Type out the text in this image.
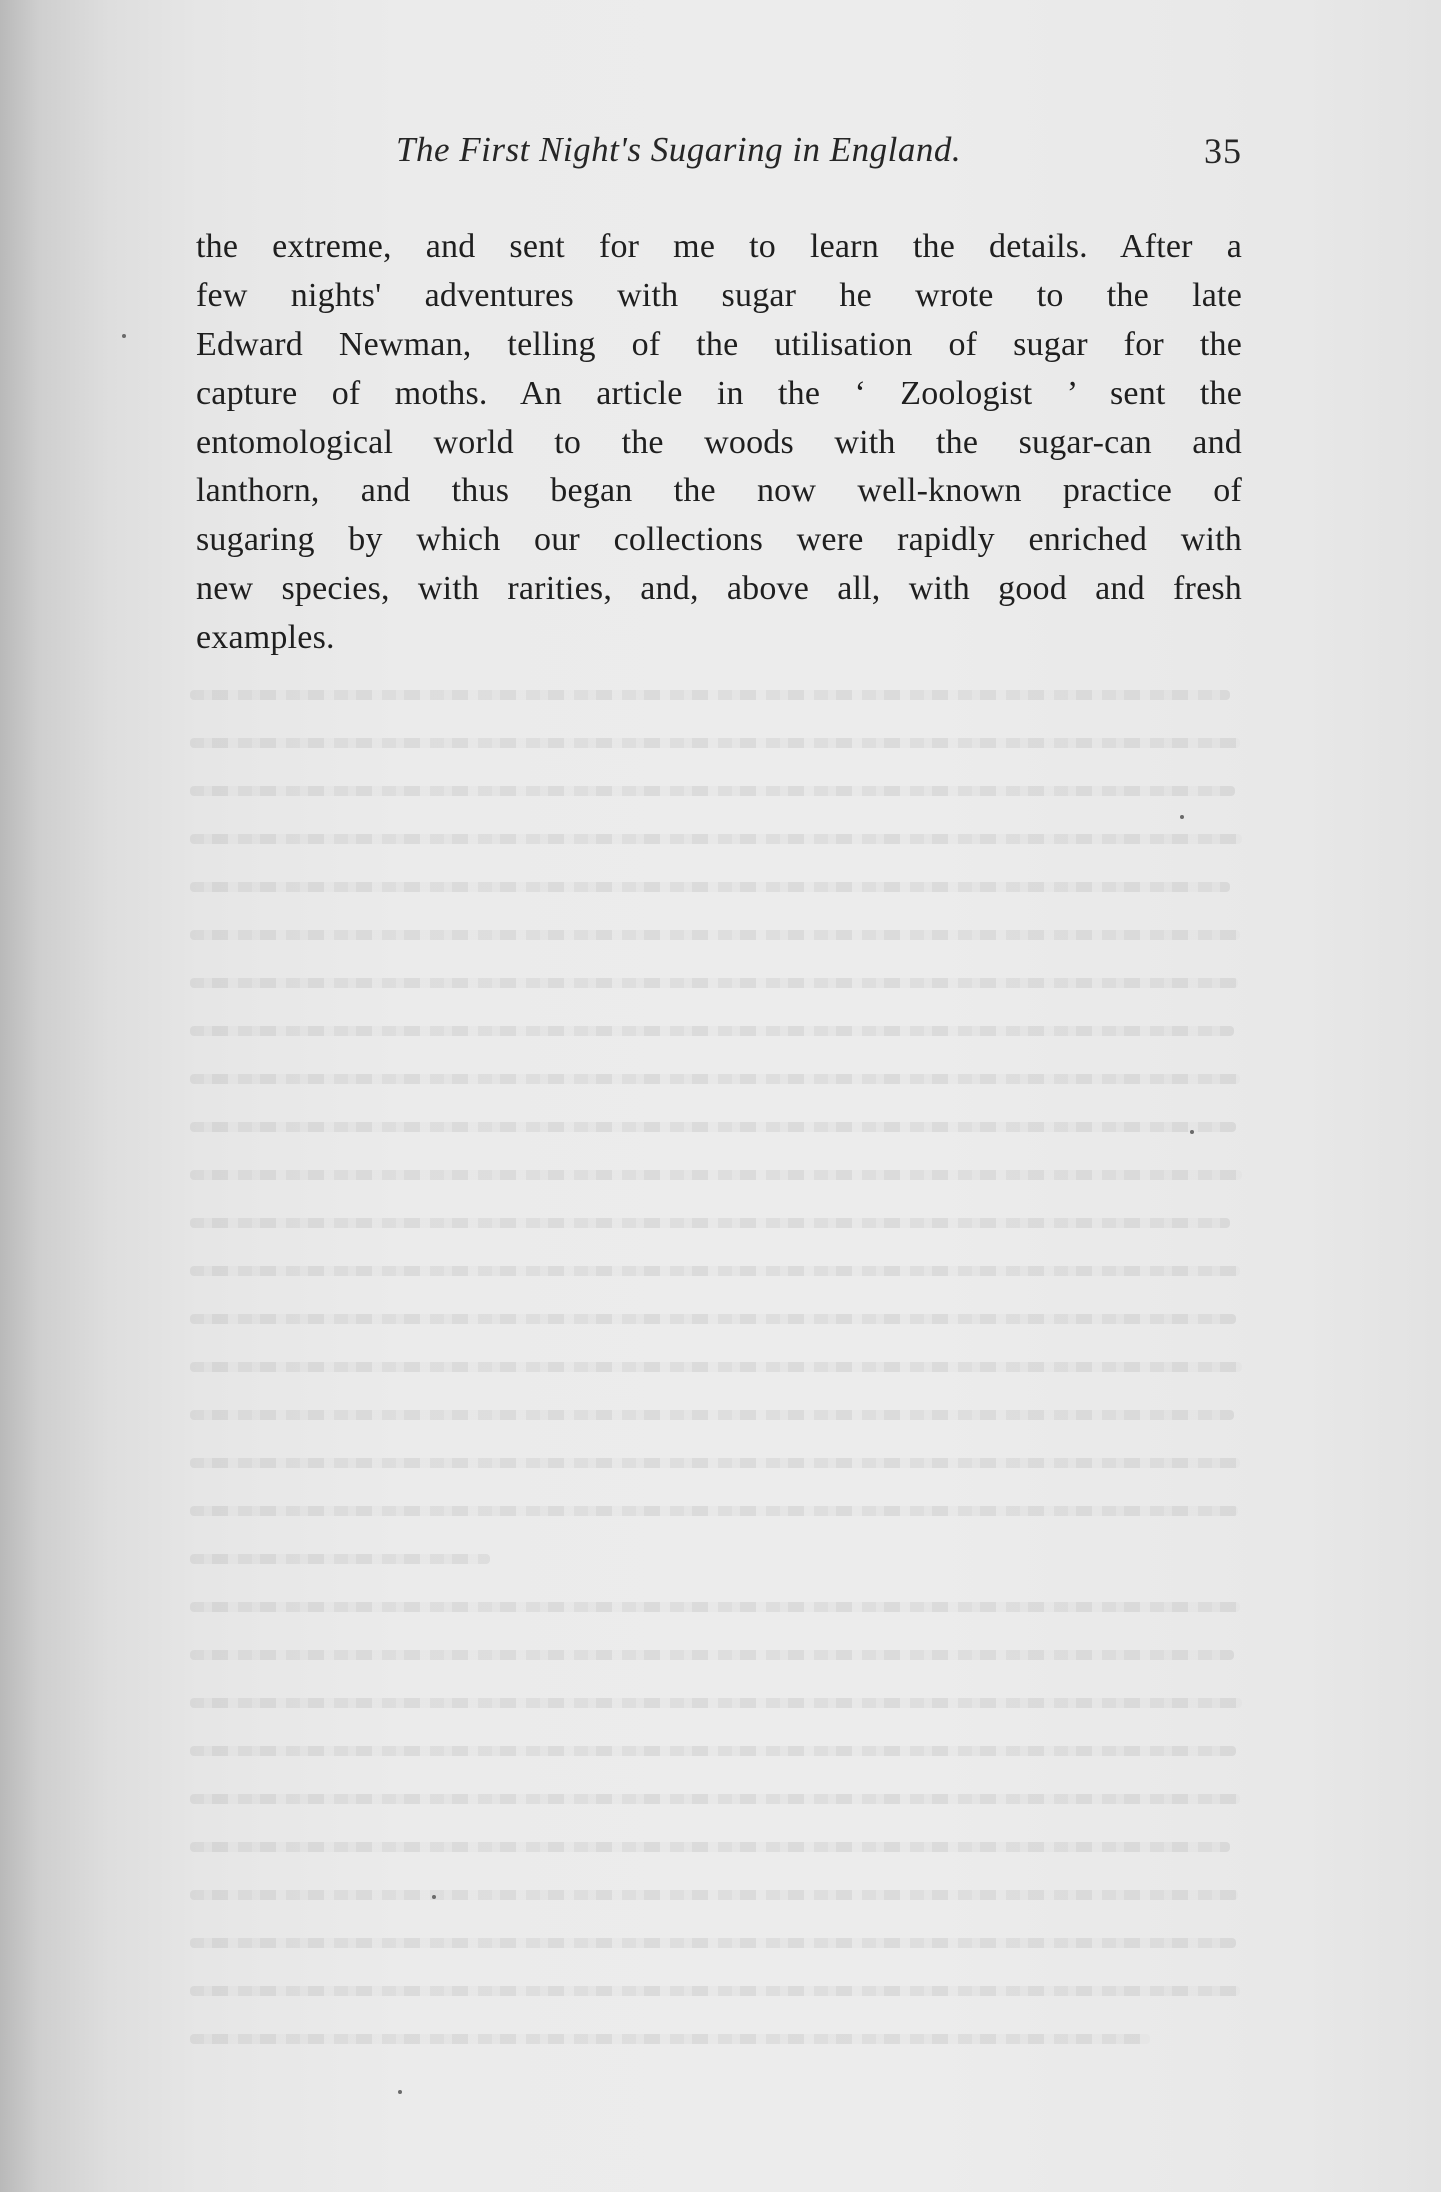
The First Night's Sugaring in England.	35
the extreme, and sent for me to learn the details. After a
few nights' adventures with sugar he wrote to the late
Edward Newman, telling of the utilisation of sugar for the
capture of moths. An article in the ‘ Zoologist ’ sent the
entomological world to the woods with the sugar-can and
lanthorn, and thus began the now well-known practice of
sugaring by which our collections were rapidly enriched with
new species, with rarities, and, above all, with good and fresh
examples.
